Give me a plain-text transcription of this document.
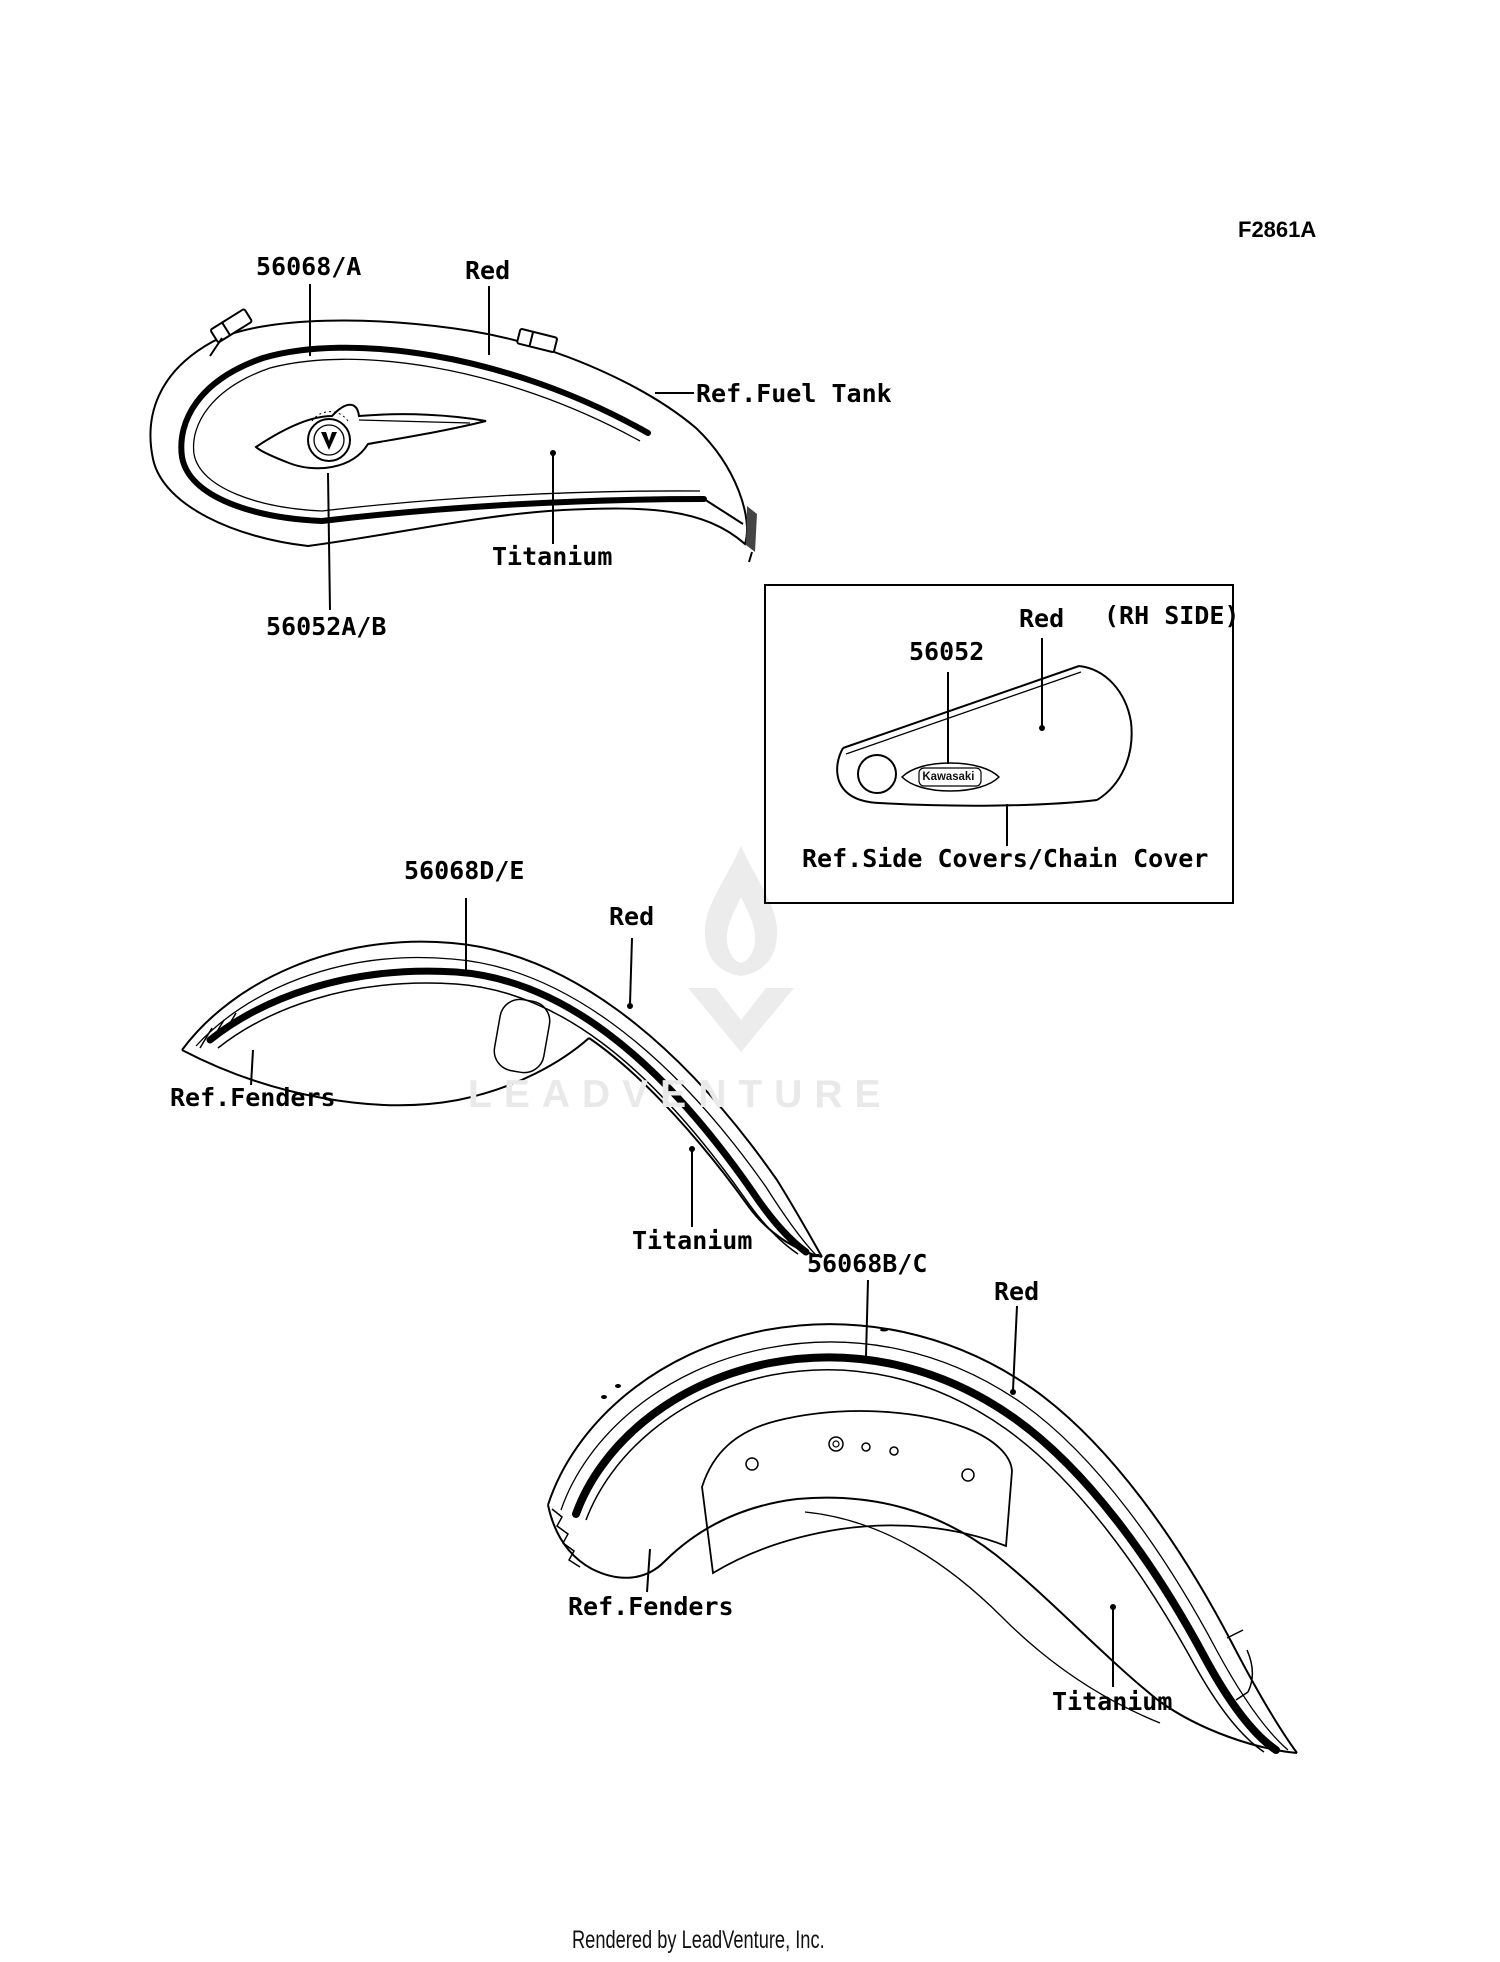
LEADVENTURE
F2861A
56068/A	Red
Ref.Fuel Tank
Titanium
56052A/B	(RH SIDE)
Red
56052
Ref.Side Covers/Chain Cover
Kawasaki
56068D/E
Red
Ref.Fenders
Titanium
56068B/C
Red
Ref.Fenders
Titanium
Rendered by LeadVenture, Inc.
